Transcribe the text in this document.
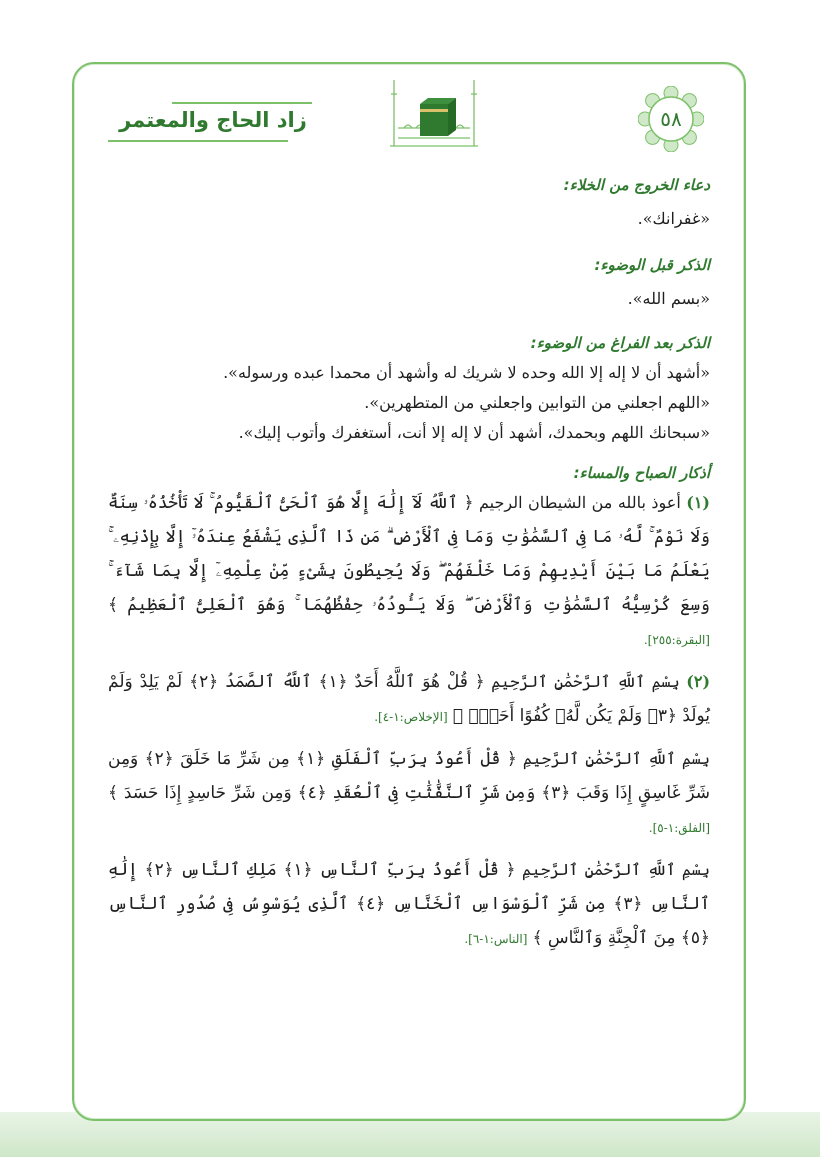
٥٨
زاد الحاج والمعتمر

دعاء الخروج من الخلاء:

«غفرانك».

الذكر قبل الوضوء:

«بسم الله».

الذكر بعد الفراغ من الوضوء:

«أشهد أن لا إله إلا الله وحده لا شريك له وأشهد أن محمدا عبده ورسوله».

«اللهم اجعلني من التوابين واجعلني من المتطهرين».

«سبحانك اللهم وبحمدك، أشهد أن لا إله إلا أنت، أستغفرك وأتوب إليك».

أذكار الصباح والمساء:

(١) أعوذ بالله من الشيطان الرجيم ﴿ ٱللَّهُ لَآ إِلَٰهَ إِلَّا هُوَ ٱلْحَىُّ ٱلْقَيُّومُ ۚ لَا تَأْخُذُهُۥ سِنَةٌ وَلَا نَوْمٌ ۚ لَّهُۥ مَا فِى ٱلسَّمَٰوَٰتِ وَمَا فِى ٱلْأَرْضِ ۗ مَن ذَا ٱلَّذِى يَشْفَعُ عِندَهُۥٓ إِلَّا بِإِذْنِهِۦ ۚ يَعْلَمُ مَا بَيْنَ أَيْدِيهِمْ وَمَا خَلْفَهُمْ ۖ وَلَا يُحِيطُونَ بِشَىْءٍ مِّنْ عِلْمِهِۦٓ إِلَّا بِمَا شَآءَ ۚ وَسِعَ كُرْسِيُّهُ ٱلسَّمَٰوَٰتِ وَٱلْأَرْضَ ۖ وَلَا يَـُٔودُهُۥ حِفْظُهُمَا ۚ وَهُوَ ٱلْعَلِىُّ ٱلْعَظِيمُ ﴾ [البقرة:٢٥٥].

(٢) بِسْمِ ٱللَّهِ ٱلرَّحْمَٰنِ ٱلرَّحِيمِ ﴿ قُلْ هُوَ ٱللَّهُ أَحَدٌ ﴿١﴾ ٱللَّهُ ٱلصَّمَدُ ﴿٢﴾ لَمْ يَلِدْ وَلَمْ يُولَدْ ﴿٣﴾ وَلَمْ يَكُن لَّهُۥ كُفُوًا أَحَدٌۢ ﴾ [الإخلاص:١-٤].

بِسْمِ ٱللَّهِ ٱلرَّحْمَٰنِ ٱلرَّحِيمِ ﴿ قُلْ أَعُوذُ بِرَبِّ ٱلْفَلَقِ ﴿١﴾ مِن شَرِّ مَا خَلَقَ ﴿٢﴾ وَمِن شَرِّ غَاسِقٍ إِذَا وَقَبَ ﴿٣﴾ وَمِن شَرِّ ٱلنَّفَّٰثَٰتِ فِى ٱلْعُقَدِ ﴿٤﴾ وَمِن شَرِّ حَاسِدٍ إِذَا حَسَدَ ﴾ [الفلق:١-٥].

بِسْمِ ٱللَّهِ ٱلرَّحْمَٰنِ ٱلرَّحِيمِ ﴿ قُلْ أَعُوذُ بِرَبِّ ٱلنَّاسِ ﴿١﴾ مَلِكِ ٱلنَّاسِ ﴿٢﴾ إِلَٰهِ ٱلنَّاسِ ﴿٣﴾ مِن شَرِّ ٱلْوَسْوَاسِ ٱلْخَنَّاسِ ﴿٤﴾ ٱلَّذِى يُوَسْوِسُ فِى صُدُورِ ٱلنَّاسِ ﴿٥﴾ مِنَ ٱلْجِنَّةِ وَٱلنَّاسِ ﴾ [الناس:١-٦].
